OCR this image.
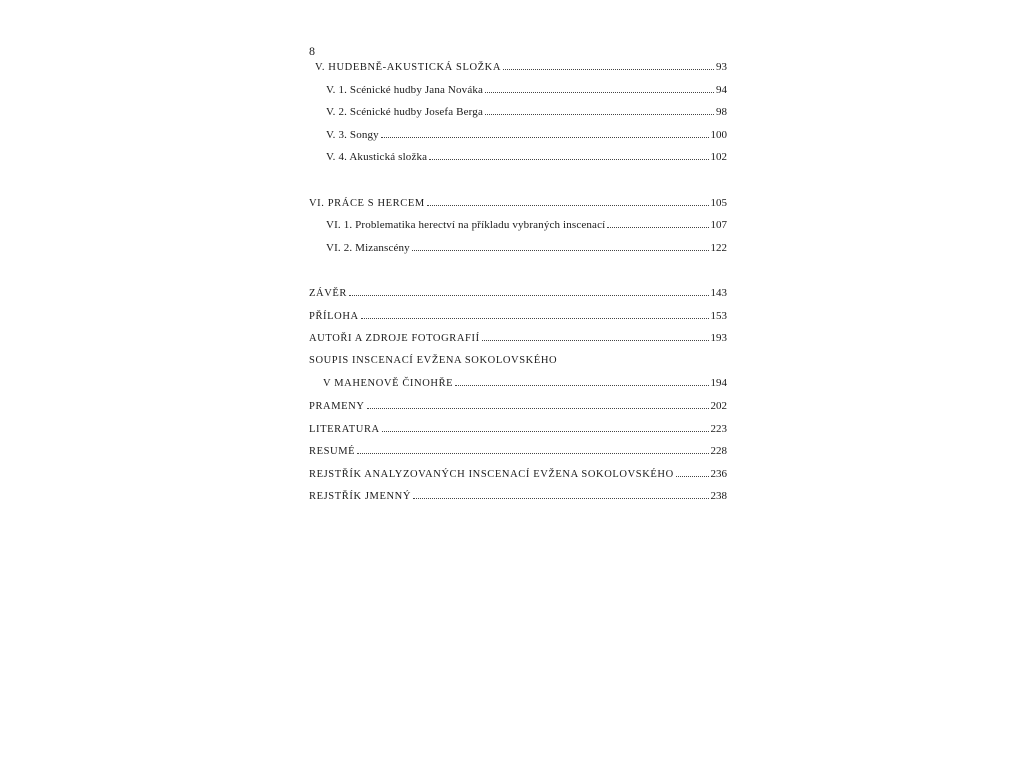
8
V. HUDEBNĚ-AKUSTICKÁ SLOŽKA	93
V. 1. Scénické hudby Jana Nováka	94
V. 2. Scénické hudby Josefa Berga	98
V. 3. Songy	100
V. 4. Akustická složka	102
VI. PRÁCE S HERCEM	105
VI. 1. Problematika herectví na příkladu vybraných inscenací	107
VI. 2. Mizanscény	122
ZÁVĚR	143
PŘÍLOHA	153
AUTOŘI A ZDROJE FOTOGRAFIÍ	193
SOUPIS INSCENACÍ EVŽENA SOKOLOVSKÉHO
V MAHENOVĚ ČINOHŘE	194
PRAMENY	202
LITERATURA	223
RESUMÉ	228
REJSTŘÍK ANALYZOVANÝCH INSCENACÍ EVŽENA SOKOLOVSKÉHO	236
REJSTŘÍK JMENNÝ	238
